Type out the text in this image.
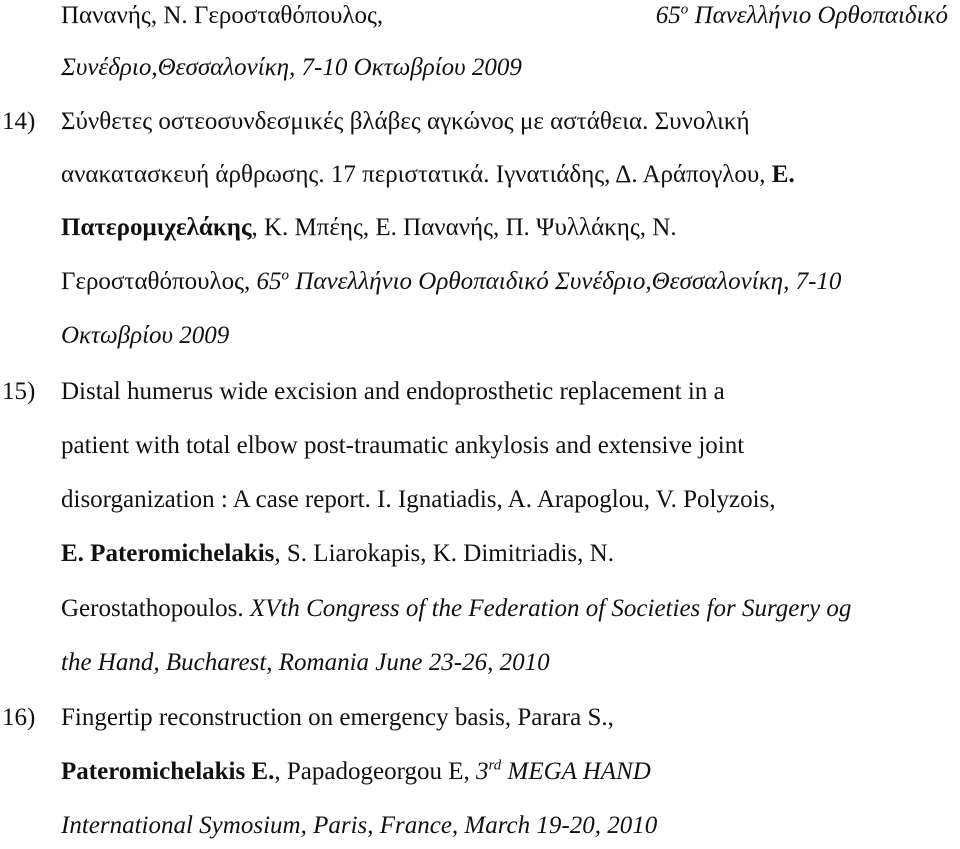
Πανανής, Ν. Γεροσταθόπουλος,	$65^o$ Πανελλήνιο Ορθοπαιδικό
Συνέδριο,Θεσσαλονίκη, 7-10 Οκτωβρίου 2009
14) Σύνθετες οστεοσυνδεσμικές βλάβες αγκώνος με αστάθεια. Συνολική
ανακατασκευή άρθρωσης. 17 περιστατικά. Ιγνατιάδης, Δ. Αράπογλου, Ε.
Πατερομιχελάκης, Κ. Μπέης, Ε. Πανανής, Π. Ψυλλάκης, Ν.
Γεροσταθόπουλος, $65^o$ Πανελλήνιο Ορθοπαιδικό Συνέδριο,Θεσσαλονίκη, 7-10
Οκτωβρίου 2009
15) Distal humerus wide excision and endoprosthetic replacement in a
patient with total elbow post-traumatic ankylosis and extensive joint
disorganization : A case report. I. Ignatiadis, A. Arapoglou, V. Polyzois,
E. Pateromichelakis, S. Liarokapis, K. Dimitriadis, N.
Gerostathopoulos. XVth Congress of the Federation of Societies for Surgery og
the Hand, Bucharest, Romania June 23-26, 2010
16) Fingertip reconstruction on emergency basis, Parara S.,
Pateromichelakis E., Papadogeorgou E, 3rd MEGA HAND
International Symosium, Paris, France, March 19-20, 2010
